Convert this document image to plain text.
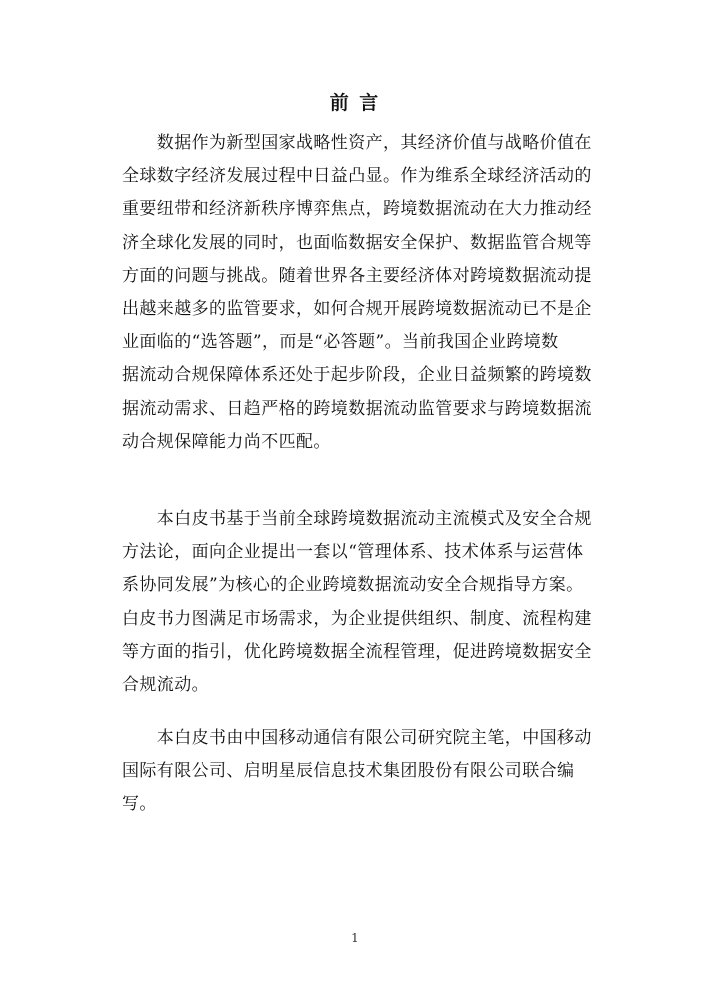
前 言
　　数据作为新型国家战略性资产，其经济价值与战略价值在
全球数字经济发展过程中日益凸显。作为维系全球经济活动的
重要纽带和经济新秩序博弈焦点，跨境数据流动在大力推动经
济全球化发展的同时，也面临数据安全保护、数据监管合规等
方面的问题与挑战。随着世界各主要经济体对跨境数据流动提
出越来越多的监管要求，如何合规开展跨境数据流动已不是企
业面临的“选答题”，而是“必答题”。当前我国企业跨境数
据流动合规保障体系还处于起步阶段，企业日益频繁的跨境数
据流动需求、日趋严格的跨境数据流动监管要求与跨境数据流
动合规保障能力尚不匹配。
　　本白皮书基于当前全球跨境数据流动主流模式及安全合规
方法论，面向企业提出一套以“管理体系、技术体系与运营体
系协同发展”为核心的企业跨境数据流动安全合规指导方案。
白皮书力图满足市场需求，为企业提供组织、制度、流程构建
等方面的指引，优化跨境数据全流程管理，促进跨境数据安全
合规流动。
　　本白皮书由中国移动通信有限公司研究院主笔，中国移动
国际有限公司、启明星辰信息技术集团股份有限公司联合编
写。
1
